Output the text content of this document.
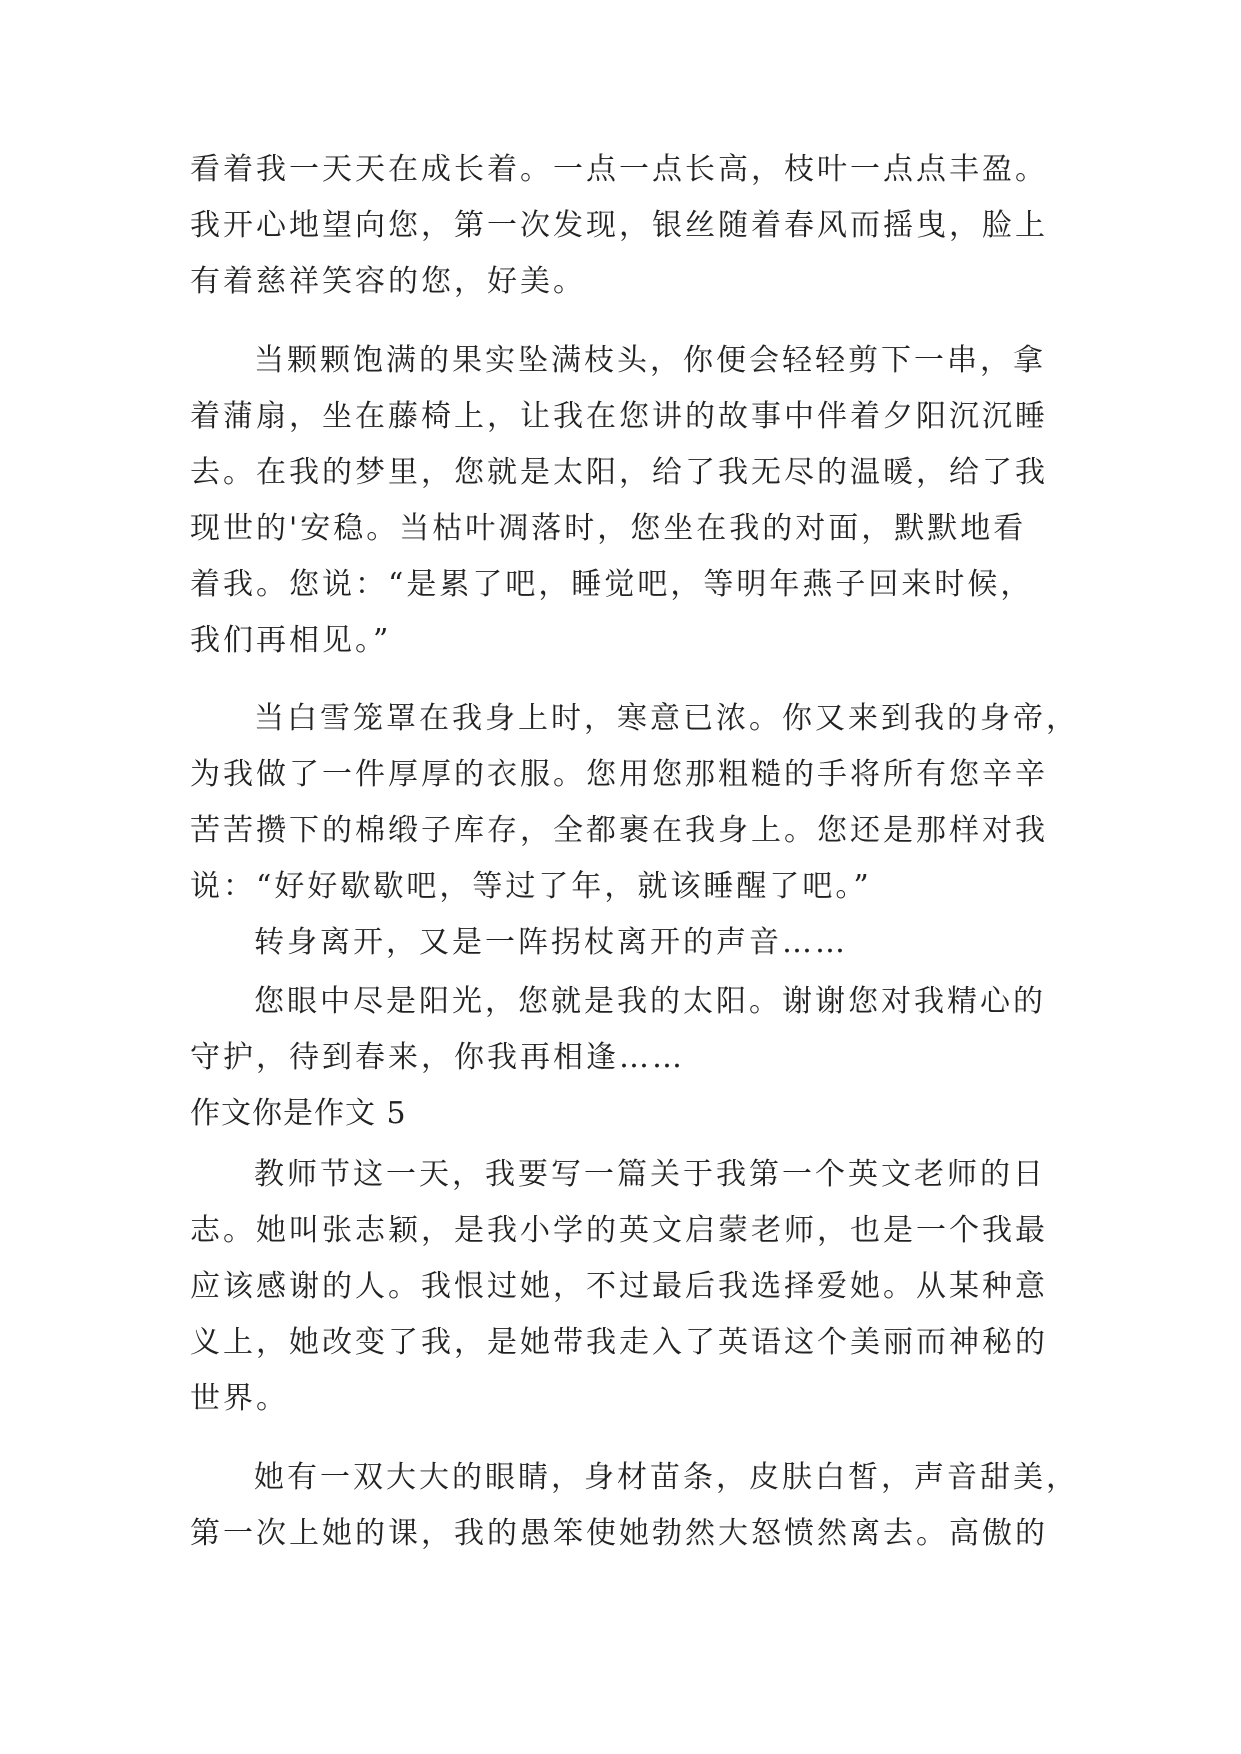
看着我一天天在成长着。一点一点长高，枝叶一点点丰盈。
我开心地望向您，第一次发现，银丝随着春风而摇曳，脸上
有着慈祥笑容的您，好美。
当颗颗饱满的果实坠满枝头，你便会轻轻剪下一串，拿
着蒲扇，坐在藤椅上，让我在您讲的故事中伴着夕阳沉沉睡
去。在我的梦里，您就是太阳，给了我无尽的温暖，给了我
现世的'安稳。当枯叶凋落时，您坐在我的对面，默默地看
着我。您说：“是累了吧，睡觉吧，等明年燕子回来时候，
我们再相见。”
当白雪笼罩在我身上时，寒意已浓。你又来到我的身帝，
为我做了一件厚厚的衣服。您用您那粗糙的手将所有您辛辛
苦苦攒下的棉缎子库存，全都裹在我身上。您还是那样对我
说：“好好歇歇吧，等过了年，就该睡醒了吧。”
转身离开，又是一阵拐杖离开的声音……
您眼中尽是阳光，您就是我的太阳。谢谢您对我精心的
守护，待到春来，你我再相逢……
作文你是作文 5
教师节这一天，我要写一篇关于我第一个英文老师的日
志。她叫张志颖，是我小学的英文启蒙老师，也是一个我最
应该感谢的人。我恨过她，不过最后我选择爱她。从某种意
义上，她改变了我，是她带我走入了英语这个美丽而神秘的
世界。
她有一双大大的眼睛，身材苗条，皮肤白皙，声音甜美，
第一次上她的课，我的愚笨使她勃然大怒愤然离去。高傲的
